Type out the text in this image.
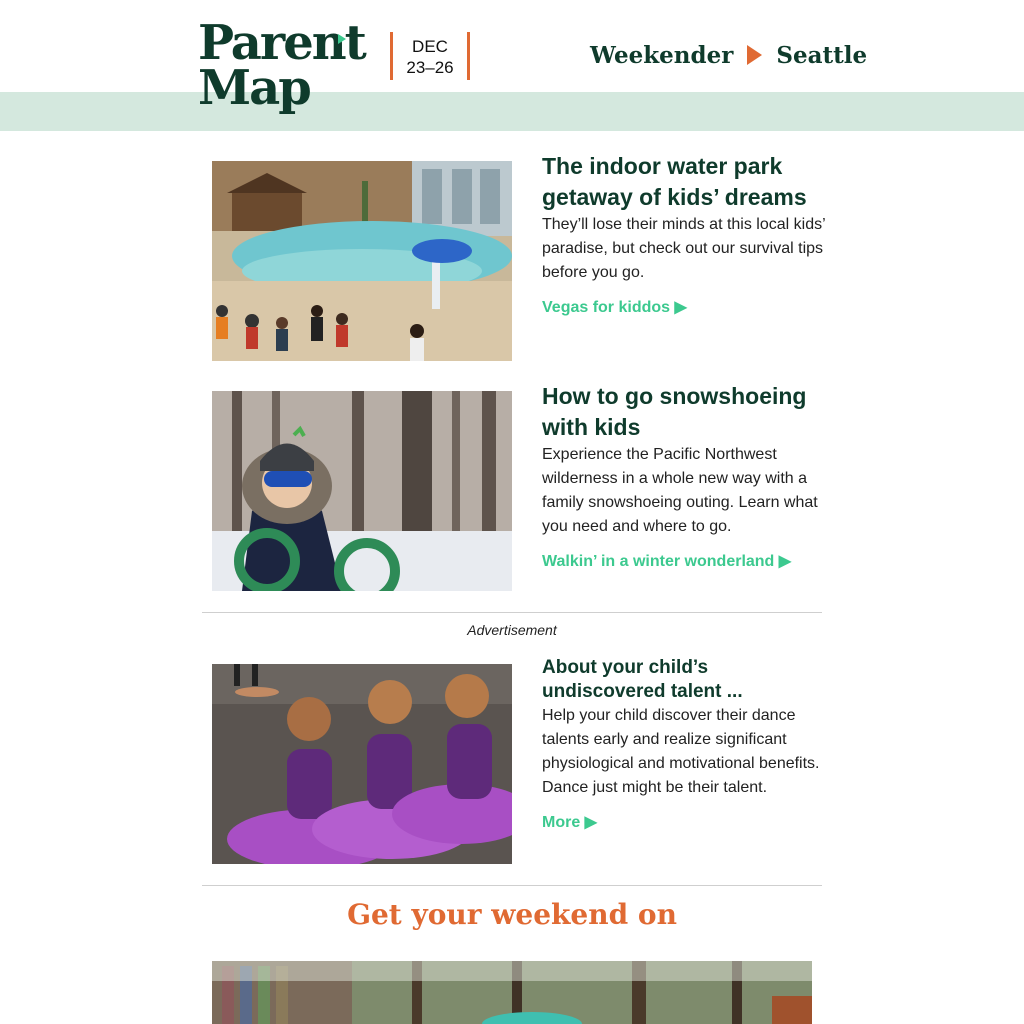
Parent
Map
DEC
23–26	Weekender Seattle
The indoor water park getaway of kids’ dreams

They’ll lose their minds at this local kids’ paradise, but check out our survival tips before you go.

Vegas for kiddos ▶
How to go snowshoeing with kids

Experience the Pacific Northwest wilderness in a whole new way with a family snowshoeing outing. Learn what you need and where to go.

Walkin’ in a winter wonderland ▶
Advertisement
About your child’s undiscovered talent ...

Help your child discover their dance talents early and realize significant physiological and motivational benefits. Dance just might be their talent.

More ▶
Get your weekend on
